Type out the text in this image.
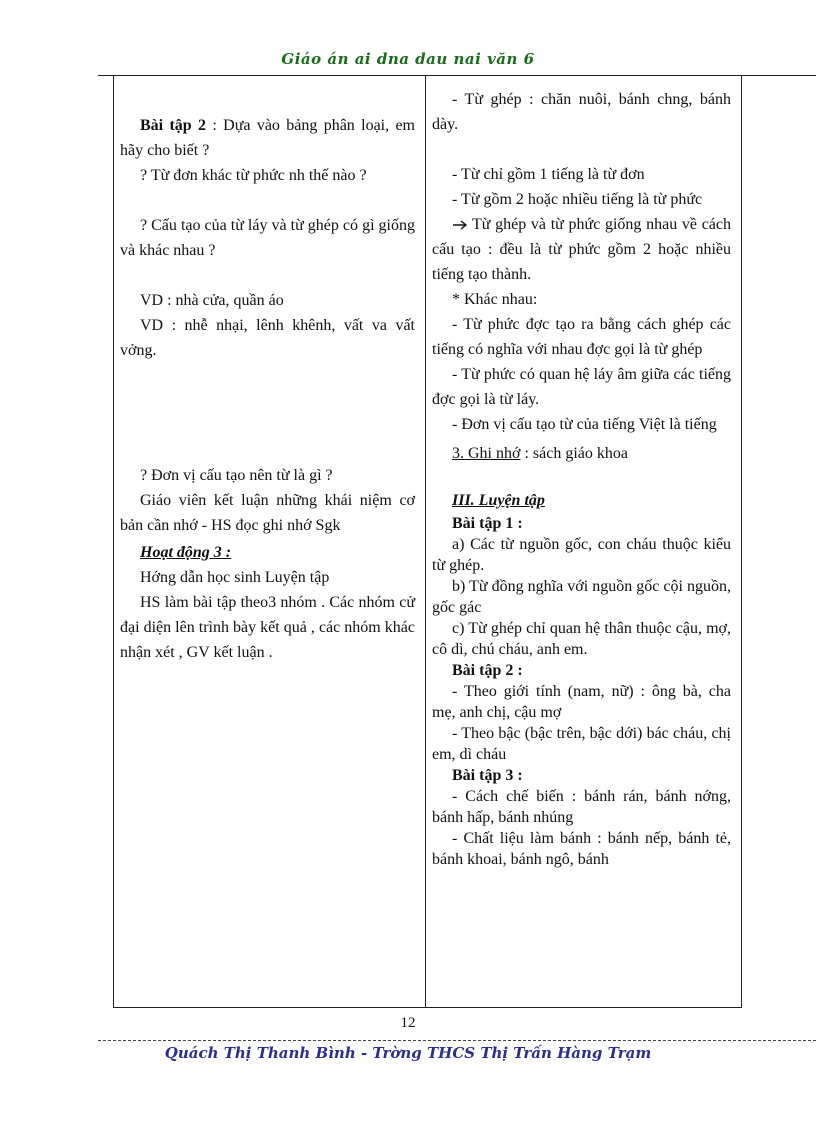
Giáo án ai dna dau nai văn 6

Bài tập 2 : Dựa vào bảng phân loại, em hãy cho biết ?

? Từ đơn khác từ phức nh thế nào ?

? Cấu tạo của từ láy và từ ghép có gì giống và khác nhau ?

VD : nhà cửa, quần áo

VD : nhễ nhại, lênh khênh, vất va vất vởng.

? Đơn vị cấu tạo nên từ là gì ?

Giáo viên kết luận những khái niệm cơ bản cần nhớ - HS đọc ghi nhớ Sgk

Hoạt động 3 :

Hớng dẫn học sinh Luyện tập

HS làm bài tập theo3 nhóm . Các nhóm cử đại diện lên trình bày kết quả , các nhóm khác nhận xét , GV kết luận .

- Từ ghép : chăn nuôi, bánh chng, bánh dày.

- Từ chỉ gồm 1 tiếng là từ đơn

- Từ gồm 2 hoặc nhiều tiếng là từ phức

Từ ghép và từ phức giống nhau về cách cấu tạo : đều là từ phức gồm 2 hoặc nhiều tiếng tạo thành.

* Khác nhau:

- Từ phức đợc tạo ra bằng cách ghép các tiếng có nghĩa với nhau đợc gọi là từ ghép

- Từ phức có quan hệ láy âm giữa các tiếng đợc gọi là từ láy.

- Đơn vị cấu tạo từ của tiếng Việt là tiếng

3. Ghi nhớ : sách giáo khoa

III. Luyện tập

Bài tập 1 :

a) Các từ nguồn gốc, con cháu thuộc kiểu từ ghép.

b) Từ đồng nghĩa với nguồn gốc cội nguồn, gốc gác

c) Từ ghép chỉ quan hệ thân thuộc cậu, mợ, cô dì, chú cháu, anh em.

Bài tập 2 :

- Theo giới tính (nam, nữ) : ông bà, cha mẹ, anh chị, cậu mợ

- Theo bậc (bậc trên, bậc dới) bác cháu, chị em, dì cháu

Bài tập 3 :

- Cách chế biến : bánh rán, bánh nớng, bánh hấp, bánh nhúng

- Chất liệu làm bánh : bánh nếp, bánh tẻ, bánh khoai, bánh ngô, bánh

12
Quách Thị Thanh Bình - Trờng THCS Thị Trấn Hàng Trạm
